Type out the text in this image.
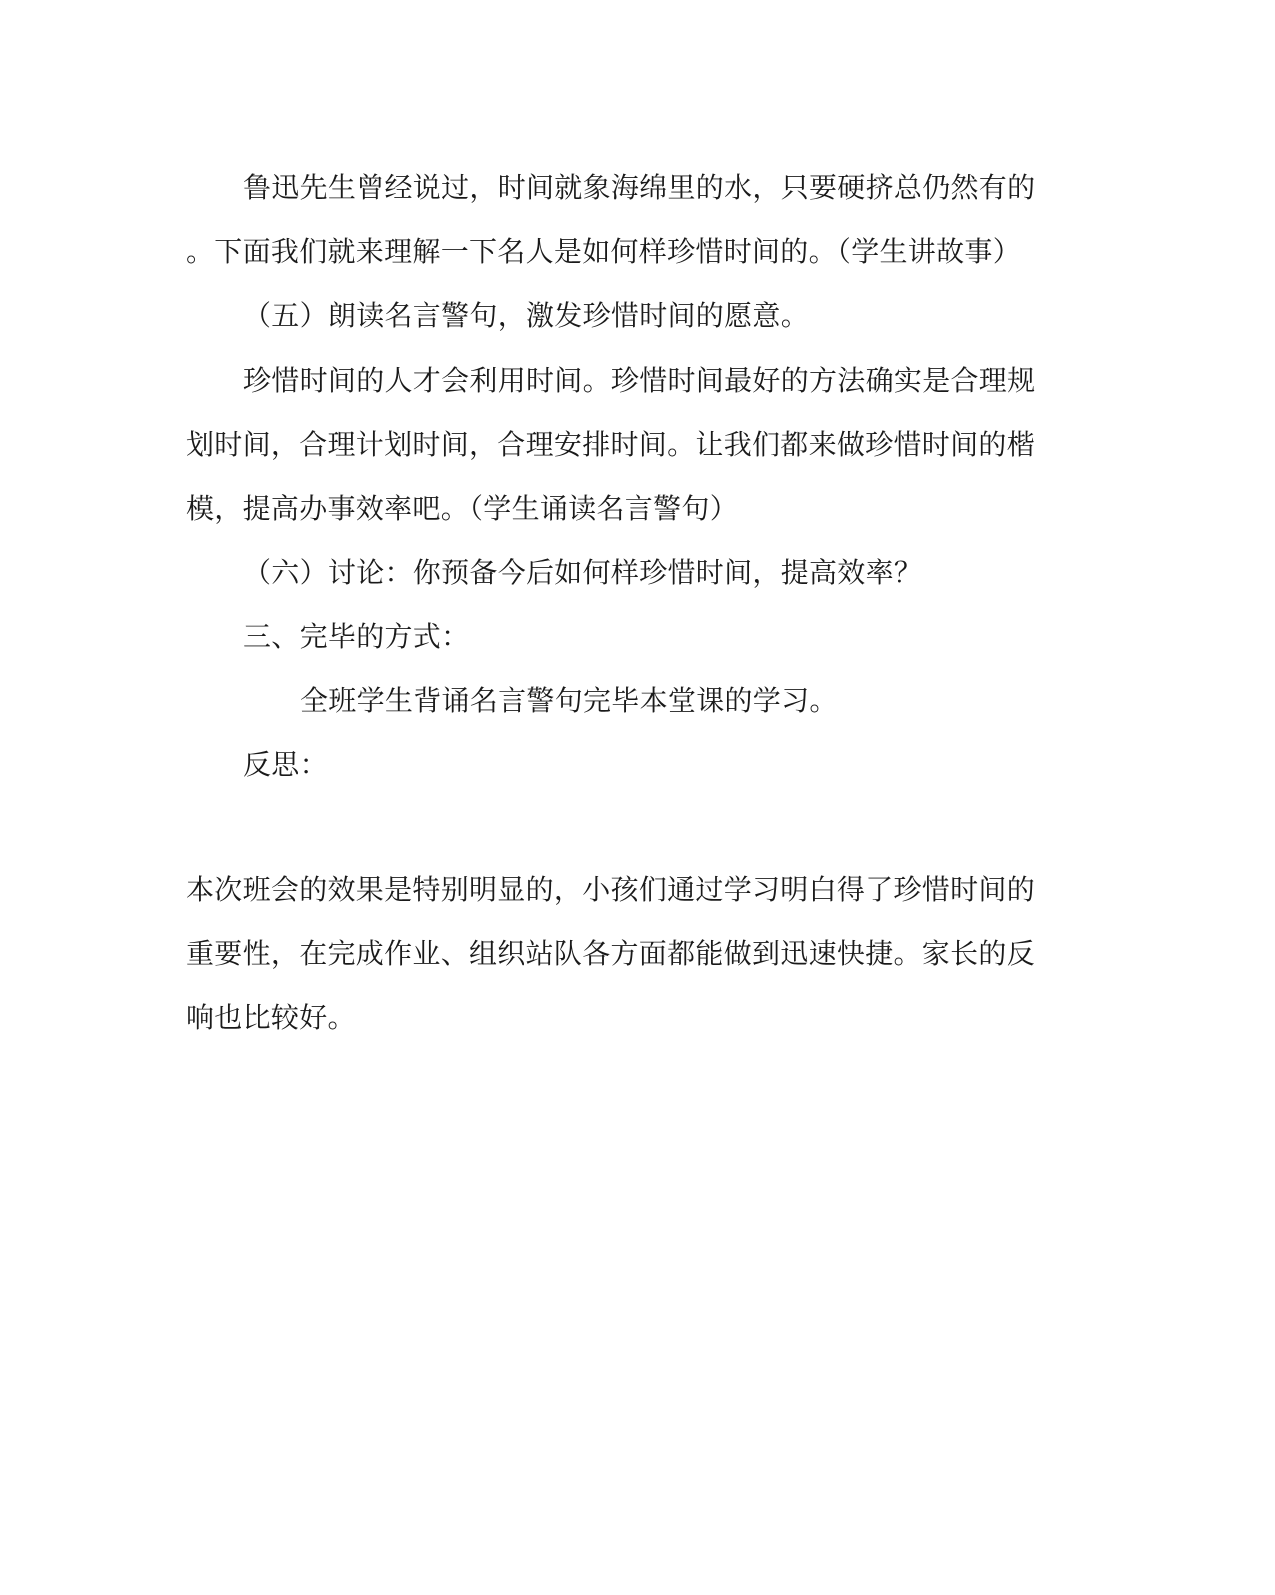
鲁迅先生曾经说过，时间就象海绵里的水，只要硬挤总仍然有的
。下面我们就来理解一下名人是如何样珍惜时间的。（学生讲故事）
（五）朗读名言警句，激发珍惜时间的愿意。
珍惜时间的人才会利用时间。珍惜时间最好的方法确实是合理规
划时间，合理计划时间，合理安排时间。让我们都来做珍惜时间的楷
模，提高办事效率吧。（学生诵读名言警句）
（六）讨论：你预备今后如何样珍惜时间，提高效率？
三、完毕的方式：
全班学生背诵名言警句完毕本堂课的学习。
反思：
本次班会的效果是特别明显的，小孩们通过学习明白得了珍惜时间的
重要性，在完成作业、组织站队各方面都能做到迅速快捷。家长的反
响也比较好。
